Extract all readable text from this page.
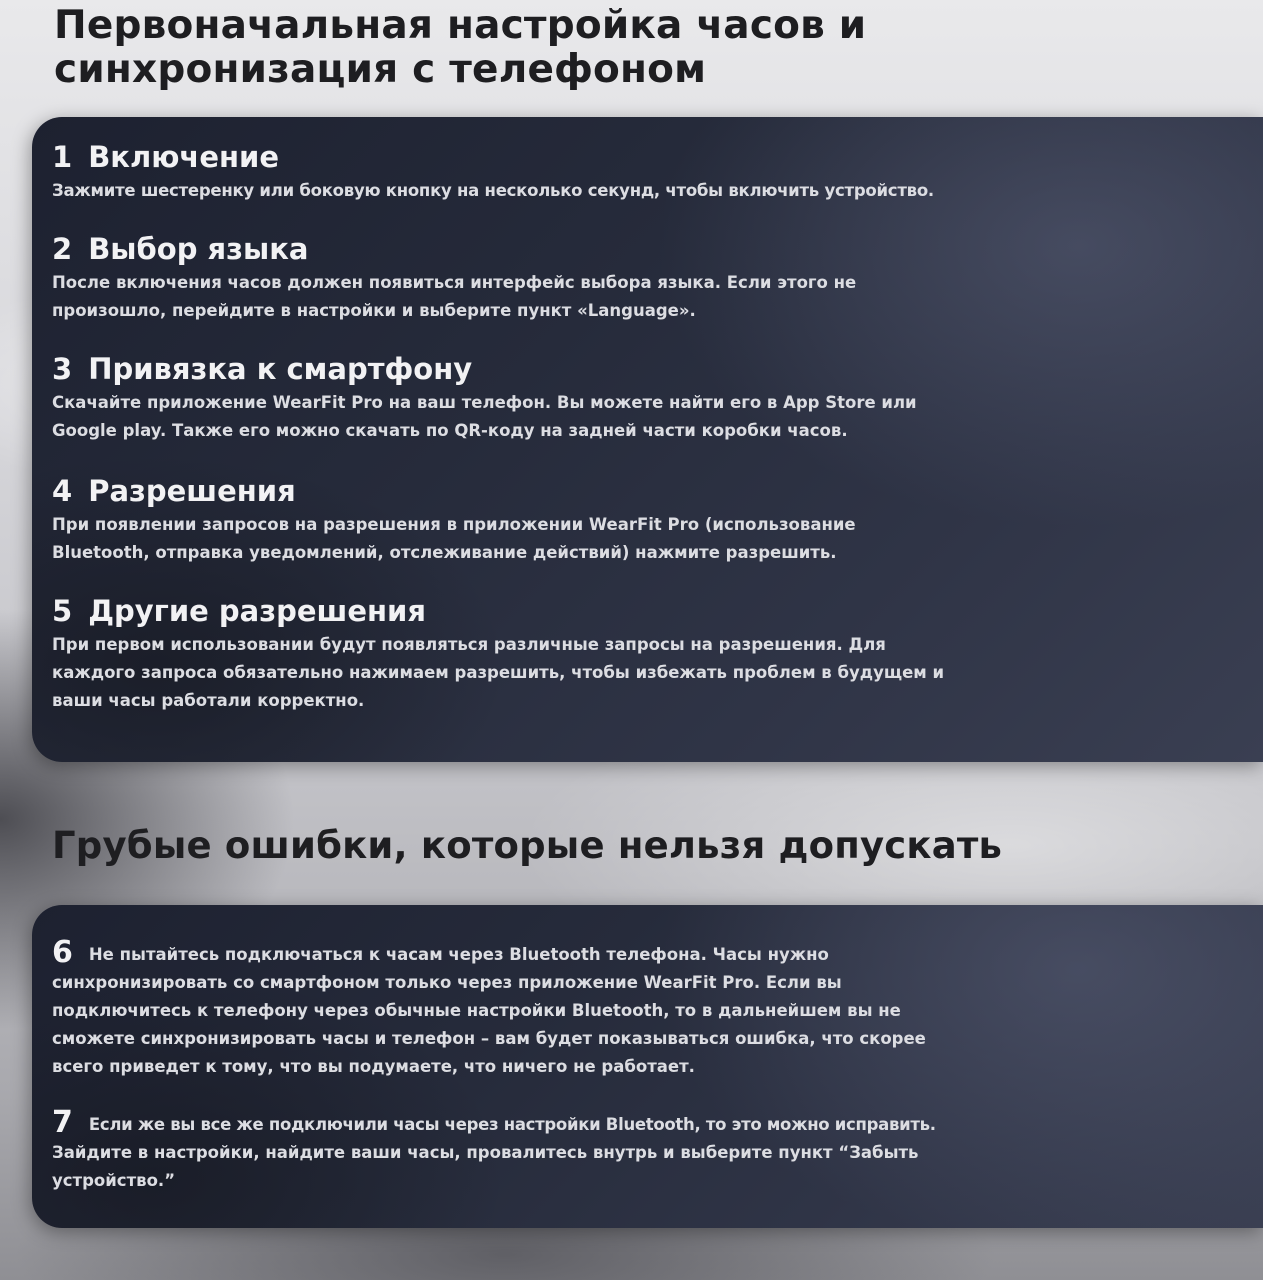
Первоначальная настройка часов и синхронизация с телефоном
1 Включение
Зажмите шестеренку или боковую кнопку на несколько секунд, чтобы включить устройство.
2 Выбор языка
После включения часов должен появиться интерфейс выбора языка. Если этого не
произошло, перейдите в настройки и выберите пункт «Language».
3 Привязка к смартфону
Скачайте приложение WearFit Pro на ваш телефон. Вы можете найти его в App Store или
Google play. Также его можно скачать по QR-коду на задней части коробки часов.
4 Разрешения
При появлении запросов на разрешения в приложении WearFit Pro (использование
Bluetooth, отправка уведомлений, отслеживание действий) нажмите разрешить.
5 Другие разрешения
При первом использовании будут появляться различные запросы на разрешения. Для
каждого запроса обязательно нажимаем разрешить, чтобы избежать проблем в будущем и
ваши часы работали корректно.
Грубые ошибки, которые нельзя допускать
6 Не пытайтесь подключаться к часам через Bluetooth телефона. Часы нужно
синхронизировать со смартфоном только через приложение WearFit Pro. Если вы
подключитесь к телефону через обычные настройки Bluetooth, то в дальнейшем вы не
сможете синхронизировать часы и телефон – вам будет показываться ошибка, что скорее
всего приведет к тому, что вы подумаете, что ничего не работает.
7 Если же вы все же подключили часы через настройки Bluetooth, то это можно исправить.
Зайдите в настройки, найдите ваши часы, провалитесь внутрь и выберите пункт “Забыть
устройство.”
